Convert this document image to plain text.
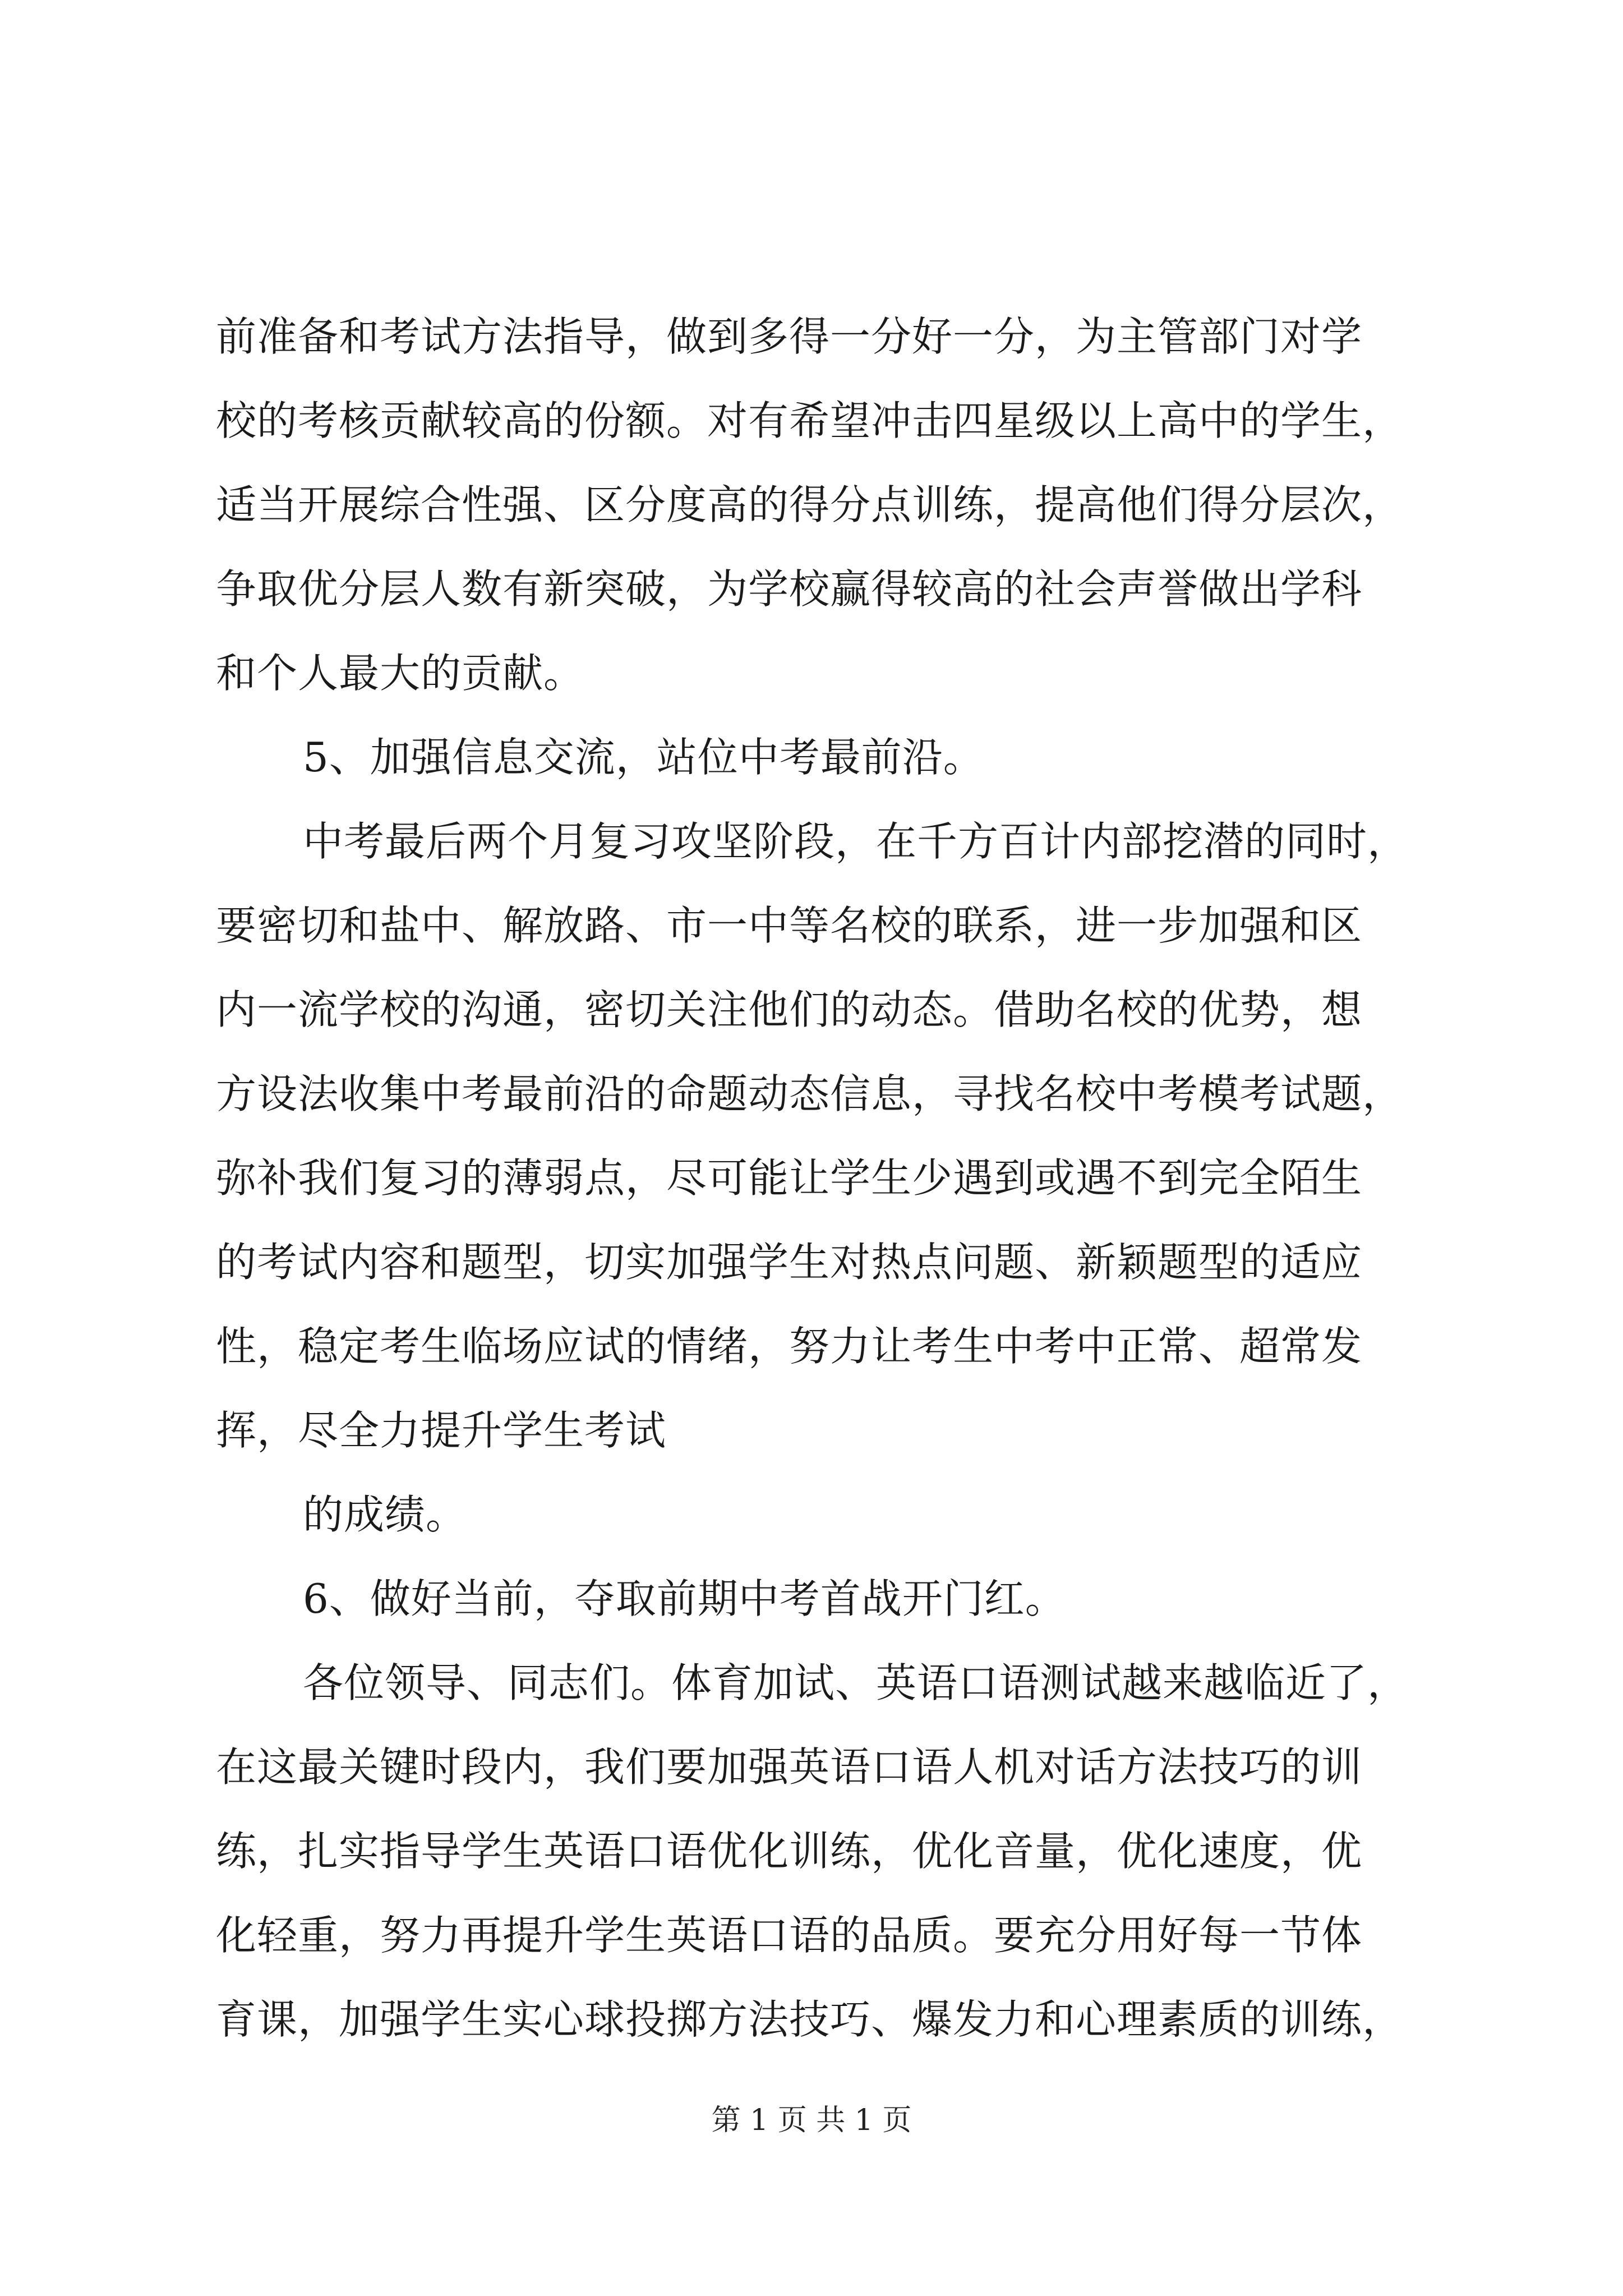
前准备和考试方法指导，做到多得一分好一分，为主管部门对学
校的考核贡献较高的份额。对有希望冲击四星级以上高中的学生，
适当开展综合性强、区分度高的得分点训练，提高他们得分层次，
争取优分层人数有新突破，为学校赢得较高的社会声誉做出学科
和个人最大的贡献。
5、加强信息交流，站位中考最前沿。
中考最后两个月复习攻坚阶段，在千方百计内部挖潜的同时，
要密切和盐中、解放路、市一中等名校的联系，进一步加强和区
内一流学校的沟通，密切关注他们的动态。借助名校的优势，想
方设法收集中考最前沿的命题动态信息，寻找名校中考模考试题，
弥补我们复习的薄弱点，尽可能让学生少遇到或遇不到完全陌生
的考试内容和题型，切实加强学生对热点问题、新颖题型的适应
性，稳定考生临场应试的情绪，努力让考生中考中正常、超常发
挥，尽全力提升学生考试
的成绩。
6、做好当前，夺取前期中考首战开门红。
各位领导、同志们。体育加试、英语口语测试越来越临近了，
在这最关键时段内，我们要加强英语口语人机对话方法技巧的训
练，扎实指导学生英语口语优化训练，优化音量，优化速度，优
化轻重，努力再提升学生英语口语的品质。要充分用好每一节体
育课，加强学生实心球投掷方法技巧、爆发力和心理素质的训练，
第 1 页 共 1 页
